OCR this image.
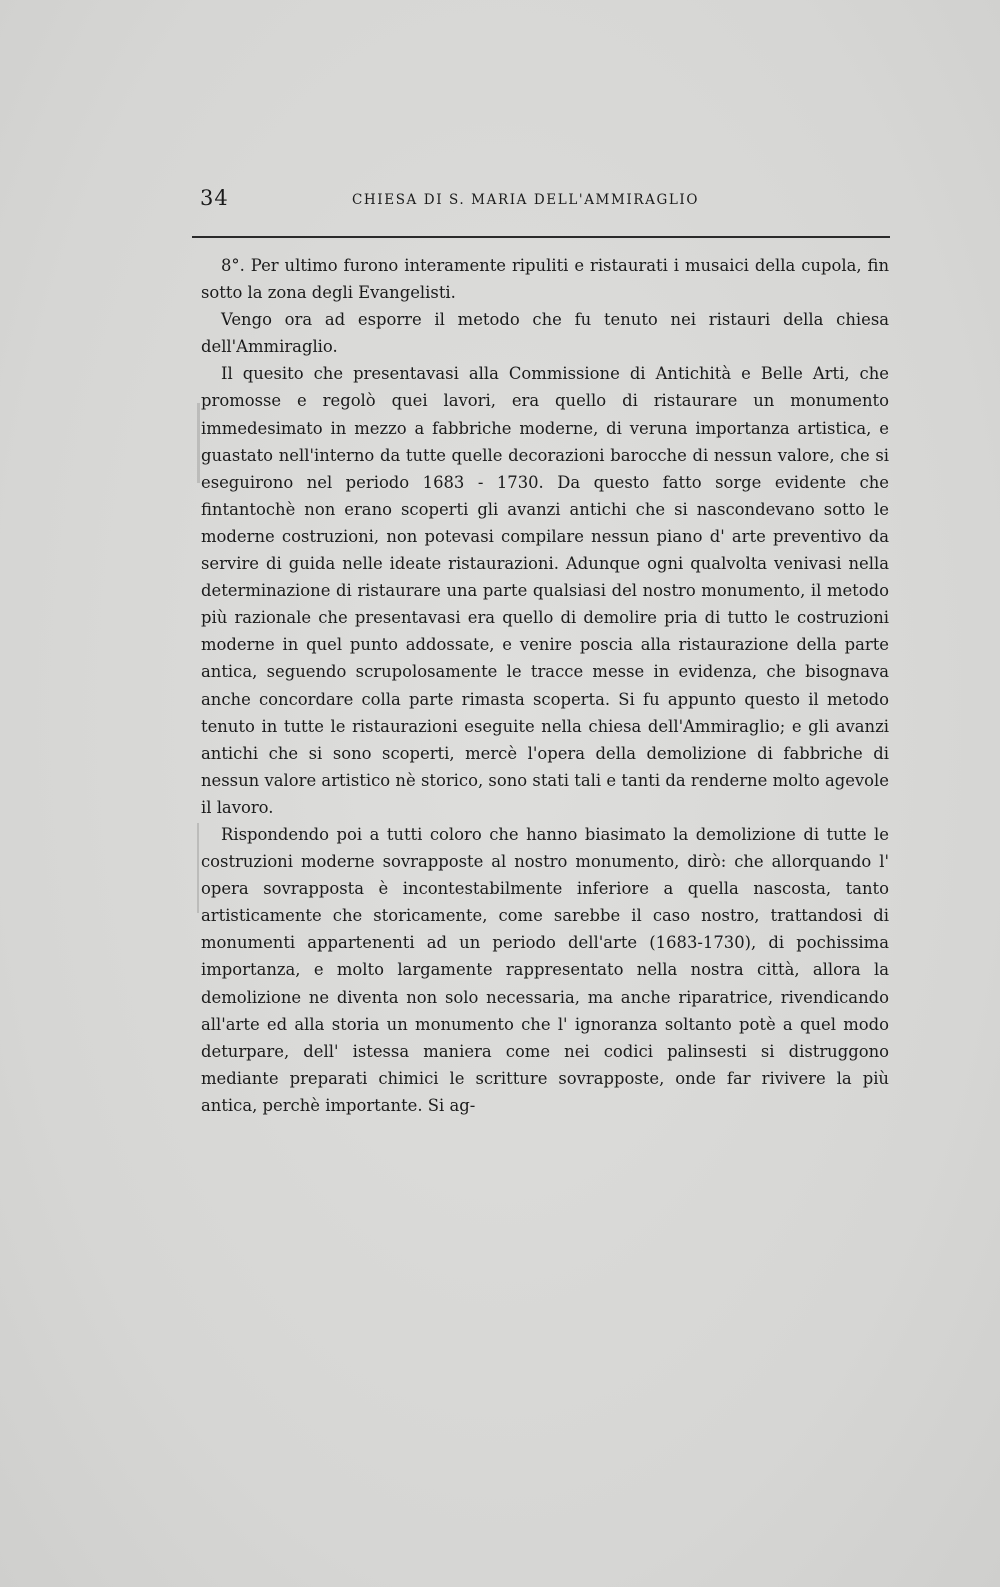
34	CHIESA DI S. MARIA DELL'AMMIRAGLIO

8°. Per ultimo furono interamente ripuliti e ristaurati i musaici della cupola, fin sotto la zona degli Evangelisti.

Vengo ora ad esporre il metodo che fu tenuto nei ristauri della chiesa dell'Ammiraglio.

Il quesito che presentavasi alla Commissione di Antichità e Belle Arti, che promosse e regolò quei lavori, era quello di ristaurare un monumento immedesimato in mezzo a fabbriche moderne, di veruna importanza artistica, e guastato nell'interno da tutte quelle decorazioni barocche di nessun valore, che si eseguirono nel periodo 1683 - 1730. Da questo fatto sorge evidente che fintantochè non erano scoperti gli avanzi antichi che si nascondevano sotto le moderne costruzioni, non potevasi compilare nessun piano d' arte preventivo da servire di guida nelle ideate ristaurazioni. Adunque ogni qualvolta venivasi nella determinazione di ristaurare una parte qualsiasi del nostro monumento, il metodo più razionale che presentavasi era quello di demolire pria di tutto le costruzioni moderne in quel punto addossate, e venire poscia alla ristaurazione della parte antica, seguendo scrupolosamente le tracce messe in evidenza, che bisognava anche concordare colla parte rimasta scoperta. Si fu appunto questo il metodo tenuto in tutte le ristaurazioni eseguite nella chiesa dell'Ammiraglio; e gli avanzi antichi che si sono scoperti, mercè l'opera della demolizione di fabbriche di nessun valore artistico nè storico, sono stati tali e tanti da renderne molto agevole il lavoro.

Rispondendo poi a tutti coloro che hanno biasimato la demolizione di tutte le costruzioni moderne sovrapposte al nostro monumento, dirò: che allorquando l' opera sovrapposta è incontestabilmente inferiore a quella nascosta, tanto artisticamente che storicamente, come sarebbe il caso nostro, trattandosi di monumenti appartenenti ad un periodo dell'arte (1683-1730), di pochissima importanza, e molto largamente rappresentato nella nostra città, allora la demolizione ne diventa non solo necessaria, ma anche riparatrice, rivendicando all'arte ed alla storia un monumento che l' ignoranza soltanto potè a quel modo deturpare, dell' istessa maniera come nei codici palinsesti si distruggono mediante preparati chimici le scritture sovrapposte, onde far rivivere la più antica, perchè importante. Si ag-
